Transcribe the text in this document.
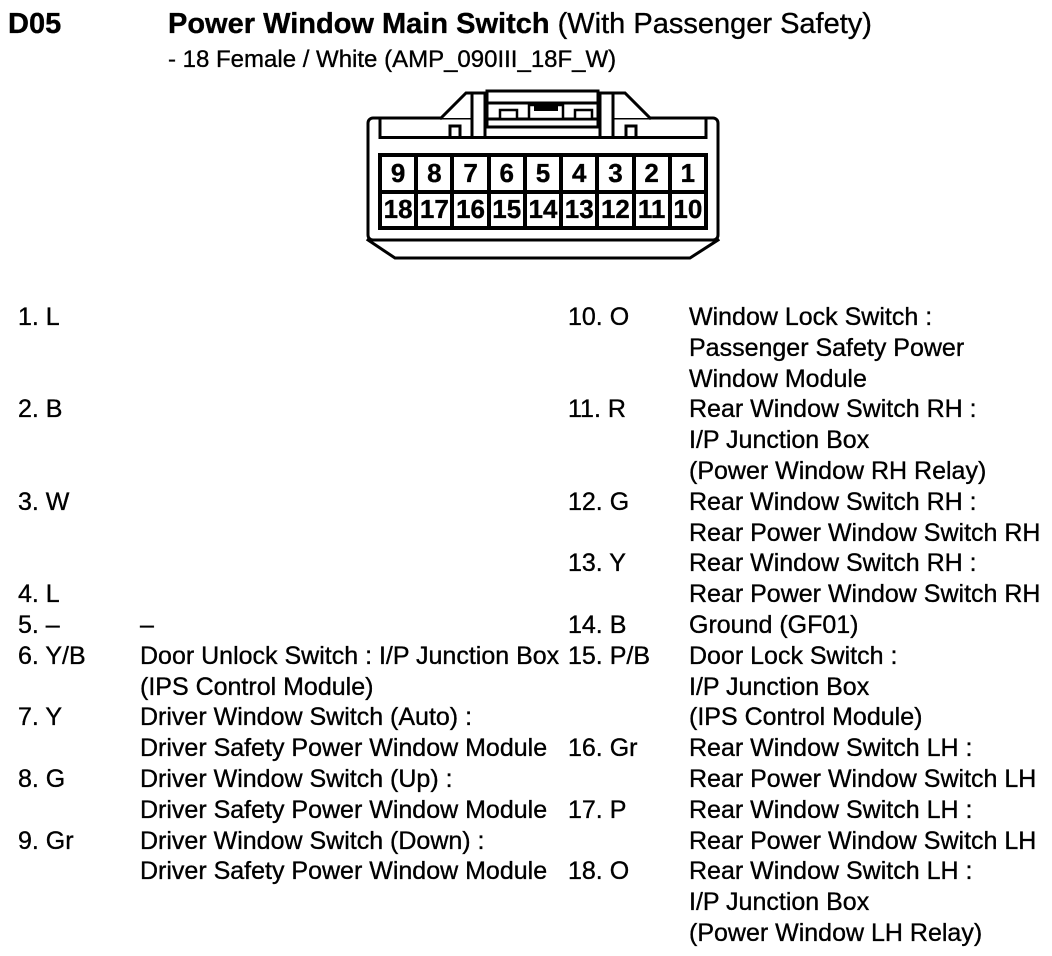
D05	Power Window Main Switch (With Passenger Safety)
- 18 Female / White (AMP_090III_18F_W)
9 8 7 6 5 4 3 2 1
18 17 16 15 14 13 12 11 10
1. L
2. B
3. W
4. L
5. –
6. Y/B
7. Y
8. G
9. Gr
–
Door Unlock Switch : I/P Junction Box
(IPS Control Module)
Driver Window Switch (Auto) :
Driver Safety Power Window Module
Driver Window Switch (Up) :
Driver Safety Power Window Module
Driver Window Switch (Down) :
Driver Safety Power Window Module
10. O
11. R
12. G
13. Y
14. B
15. P/B
16. Gr
17. P
18. O
Window Lock Switch :
Passenger Safety Power
Window Module
Rear Window Switch RH :
I/P Junction Box
(Power Window RH Relay)
Rear Window Switch RH :
Rear Power Window Switch RH
Rear Window Switch RH :
Rear Power Window Switch RH
Ground (GF01)
Door Lock Switch :
I/P Junction Box
(IPS Control Module)
Rear Window Switch LH :
Rear Power Window Switch LH
Rear Window Switch LH :
Rear Power Window Switch LH
Rear Window Switch LH :
I/P Junction Box
(Power Window LH Relay)
